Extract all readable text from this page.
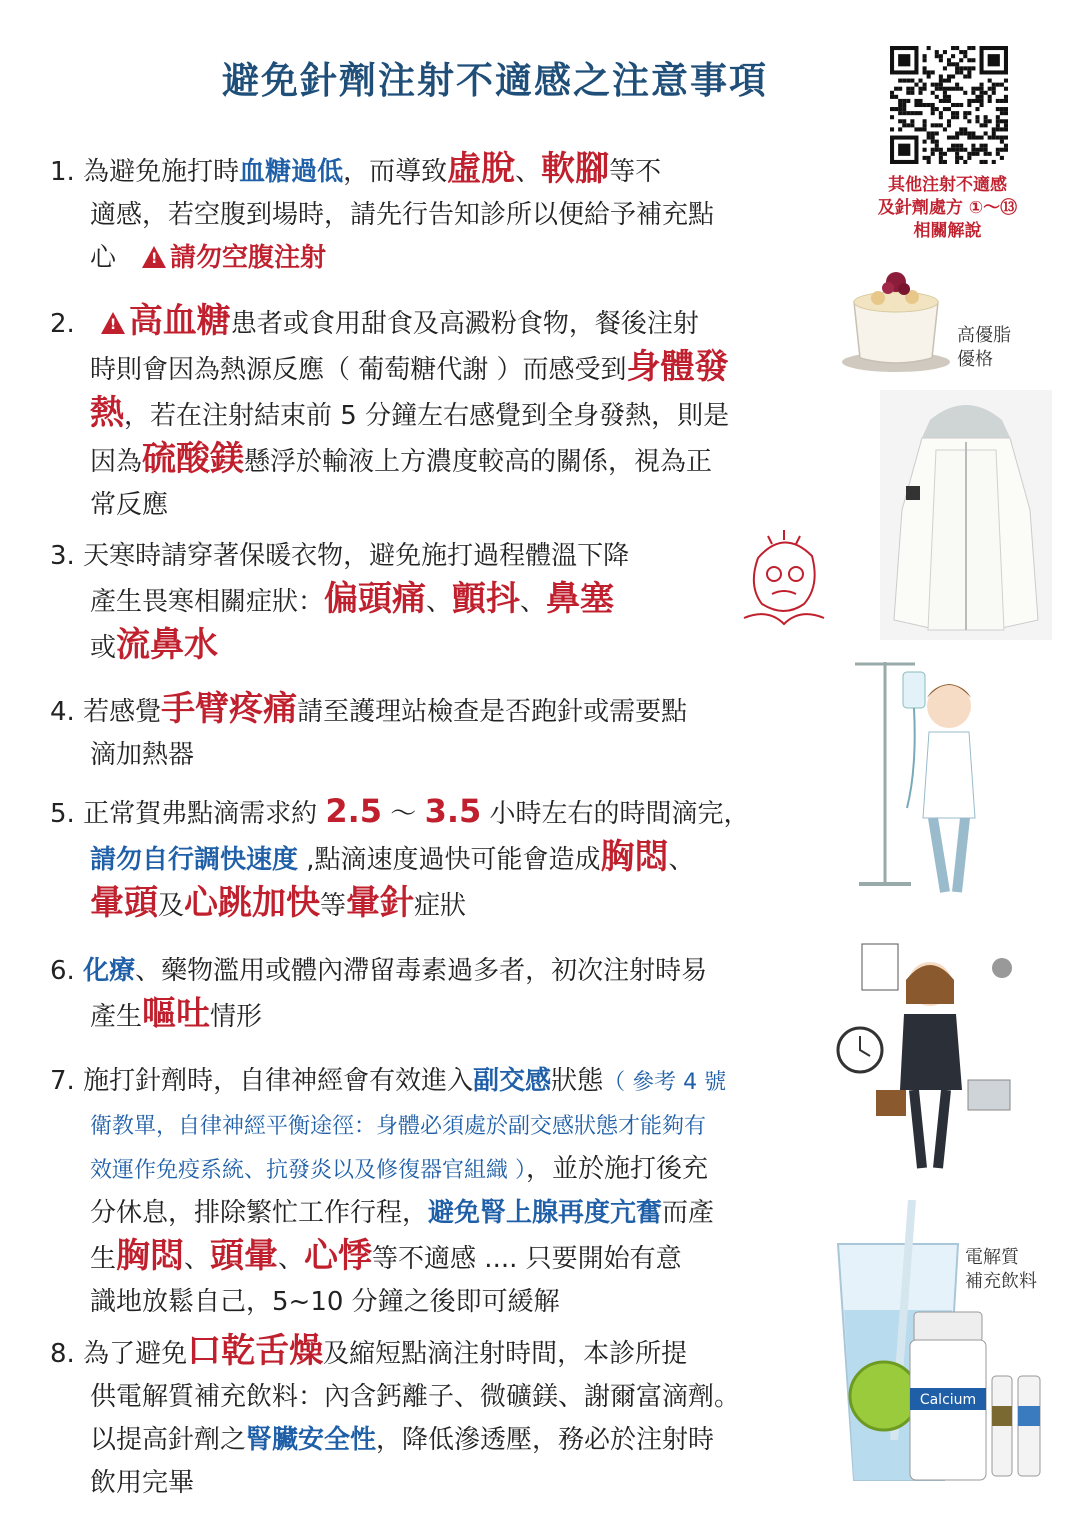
避免針劑注射不適感之注意事項
其他注射不適感
及針劑處方 ①～⑬
相關解說
1. 為避免施打時血糖過低，而導致虛脫、軟腳等不
適感，若空腹到場時，請先行告知診所以便給予補充點
心　!請勿空腹注射
2.　!高血糖患者或食用甜食及高澱粉食物，餐後注射
時則會因為熱源反應（ 葡萄糖代謝 ）而感受到身體發
熱，若在注射結束前 5 分鐘左右感覺到全身發熱，則是
因為硫酸鎂懸浮於輸液上方濃度較高的關係，視為正
常反應
3. 天寒時請穿著保暖衣物，避免施打過程體溫下降
產生畏寒相關症狀：偏頭痛、顫抖、鼻塞
或流鼻水
4. 若感覺手臂疼痛請至護理站檢查是否跑針或需要點
滴加熱器
5. 正常賀弗點滴需求約 2.5 ～ 3.5 小時左右的時間滴完，
請勿自行調快速度 ,點滴速度過快可能會造成胸悶、
暈頭及心跳加快等暈針症狀
6. 化療、藥物濫用或體內滯留毒素過多者，初次注射時易
產生嘔吐情形
7. 施打針劑時，自律神經會有效進入副交感狀態（ 參考 4 號
衛教單，自律神經平衡途徑：身體必須處於副交感狀態才能夠有
效運作免疫系統、抗發炎以及修復器官組織 ），並於施打後充
分休息，排除繁忙工作行程，避免腎上腺再度亢奮而產
生胸悶、頭暈、心悸等不適感 .... 只要開始有意
識地放鬆自己，5~10 分鐘之後即可緩解
8. 為了避免口乾舌燥及縮短點滴注射時間，本診所提
供電解質補充飲料：內含鈣離子、微礦鎂、謝爾富滴劑。
以提高針劑之腎臟安全性，降低滲透壓，務必於注射時
飲用完畢
高優脂
優格
Calcium
電解質
補充飲料
